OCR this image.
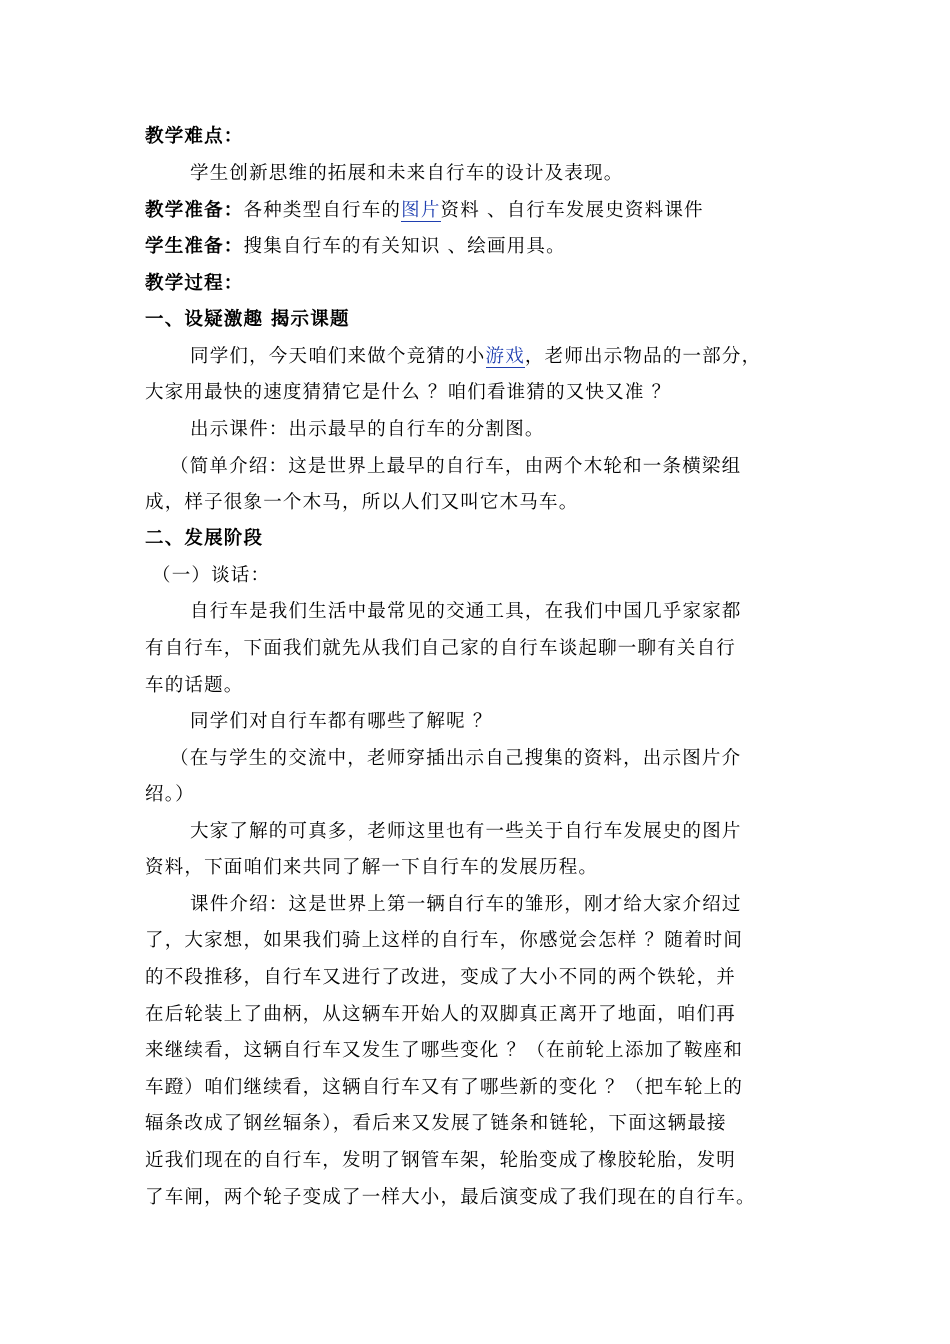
教学难点：
学生创新思维的拓展和未来自行车的设计及表现。
教学准备：各种类型自行车的图片资料 、自行车发展史资料课件
学生准备：搜集自行车的有关知识 、绘画用具。
教学过程：
一、设疑激趣 揭示课题
同学们，今天咱们来做个竞猜的小游戏，老师出示物品的一部分，
大家用最快的速度猜猜它是什么 ？咱们看谁猜的又快又准 ？
出示课件：出示最早的自行车的分割图。
（简单介绍：这是世界上最早的自行车，由两个木轮和一条横梁组
成，样子很象一个木马，所以人们又叫它木马车。
二、发展阶段
（一）谈话：
自行车是我们生活中最常见的交通工具，在我们中国几乎家家都
有自行车，下面我们就先从我们自己家的自行车谈起聊一聊有关自行
车的话题。
同学们对自行车都有哪些了解呢 ？
（在与学生的交流中，老师穿插出示自己搜集的资料，出示图片介
绍。）
大家了解的可真多，老师这里也有一些关于自行车发展史的图片
资料，下面咱们来共同了解一下自行车的发展历程。
课件介绍：这是世界上第一辆自行车的雏形，刚才给大家介绍过
了，大家想，如果我们骑上这样的自行车，你感觉会怎样 ？随着时间
的不段推移，自行车又进行了改进，变成了大小不同的两个铁轮，并
在后轮装上了曲柄，从这辆车开始人的双脚真正离开了地面，咱们再
来继续看，这辆自行车又发生了哪些变化 ？（在前轮上添加了鞍座和
车蹬）咱们继续看，这辆自行车又有了哪些新的变化 ？（把车轮上的
辐条改成了钢丝辐条），看后来又发展了链条和链轮，下面这辆最接
近我们现在的自行车，发明了钢管车架，轮胎变成了橡胶轮胎，发明
了车闸，两个轮子变成了一样大小，最后演变成了我们现在的自行车。
